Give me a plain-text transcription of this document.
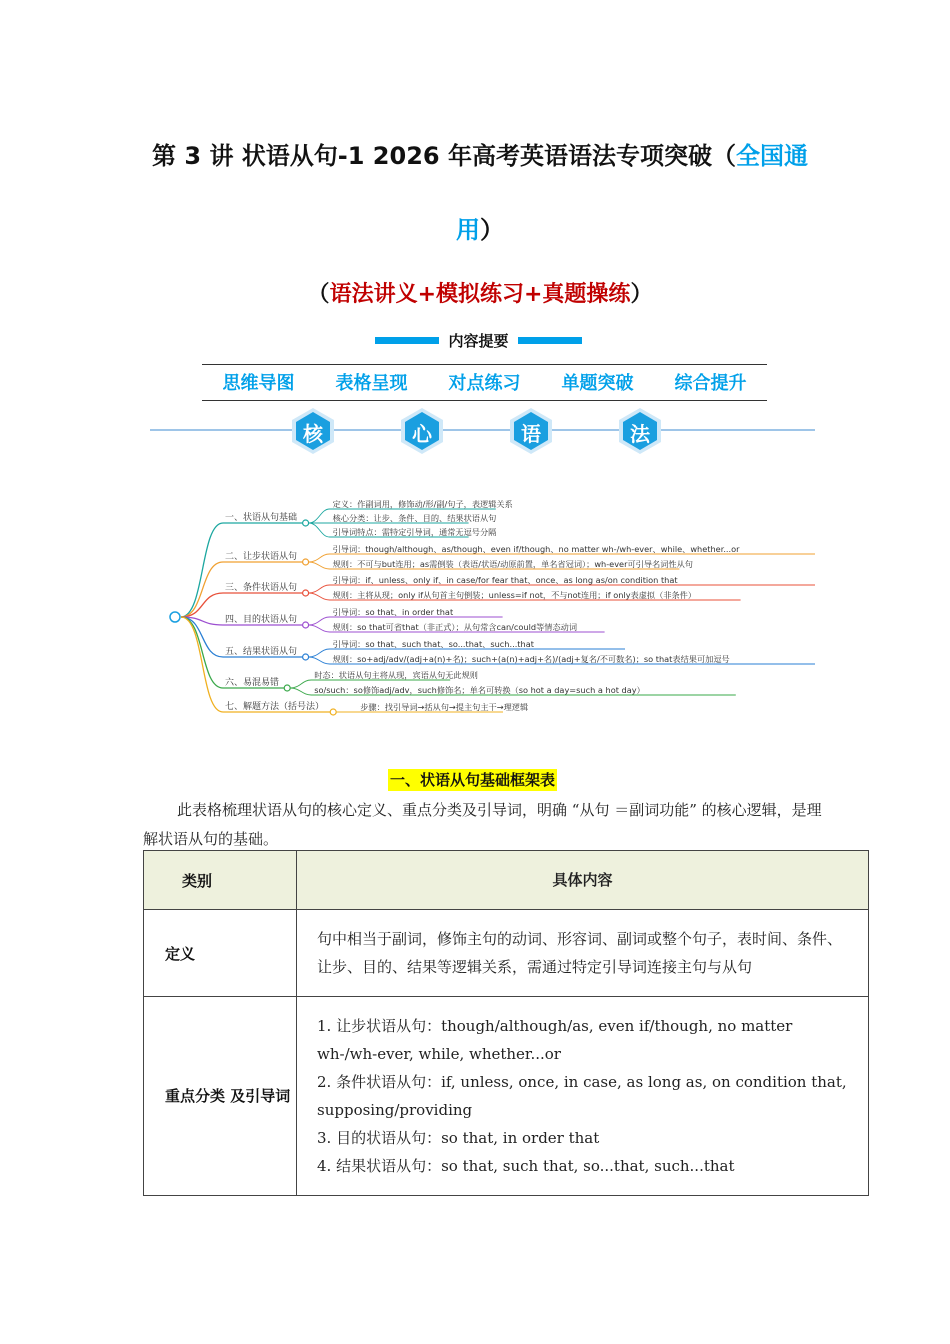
第 3 讲 状语从句-1 2026 年高考英语语法专项突破（全国通
用）
（语法讲义+模拟练习+真题操练）
内容提要
思维导图 表格呈现 对点练习 单题突破 综合提升
核	心	语	法
一、状语从句基础
定义：作副词用，修饰动/形/副/句子，表逻辑关系
核心分类：让步、条件、目的、结果状语从句
引导词特点：需特定引导词，通常无逗号分隔
二、让步状语从句
引导词：though/although、as/though、even if/though、no matter wh-/wh-ever、while、whether...or
规则：不可与but连用；as需倒装（表语/状语/动原前置，单名省冠词）；wh-ever可引导名词性从句
三、条件状语从句
引导词：if、unless、only if、in case/for fear that、once、as long as/on condition that
规则：主将从现；only if从句首主句倒装；unless=if not，不与not连用；if only表虚拟（非条件）
四、目的状语从句
引导词：so that、in order that
规则：so that可省that（非正式）；从句常含can/could等情态动词
五、结果状语从句
引导词：so that、such that、so...that、such...that
规则：so+adj/adv/(adj+a(n)+名)；such+(a(n)+adj+名)/(adj+复名/不可数名)；so that表结果可加逗号
六、易混易错
时态：状语从句主将从现，宾语从句无此规则
so/such：so修饰adj/adv，such修饰名；单名可转换（so hot a day=such a hot day）
七、解题方法（括号法）	步骤：找引导词→括从句→提主句主干→理逻辑
一、状语从句基础框架表
此表格梳理状语从句的核心定义、重点分类及引导词，明确 “从句 ＝副词功能” 的核心逻辑，是理解状语从句的基础。
类别	具体内容
定义	句中相当于副词，修饰主句的动词、形容词、副词或整个句子，表时间、条件、让步、目的、结果等逻辑关系，需通过特定引导词连接主句与从句
重点分类 及引导词	1. 让步状语从句：though/although/as, even if/though, no matter wh-/wh-ever, while, whether...or
2. 条件状语从句：if, unless, once, in case, as long as, on condition that, supposing/providing
3. 目的状语从句：so that, in order that
4. 结果状语从句：so that, such that, so...that, such...that
